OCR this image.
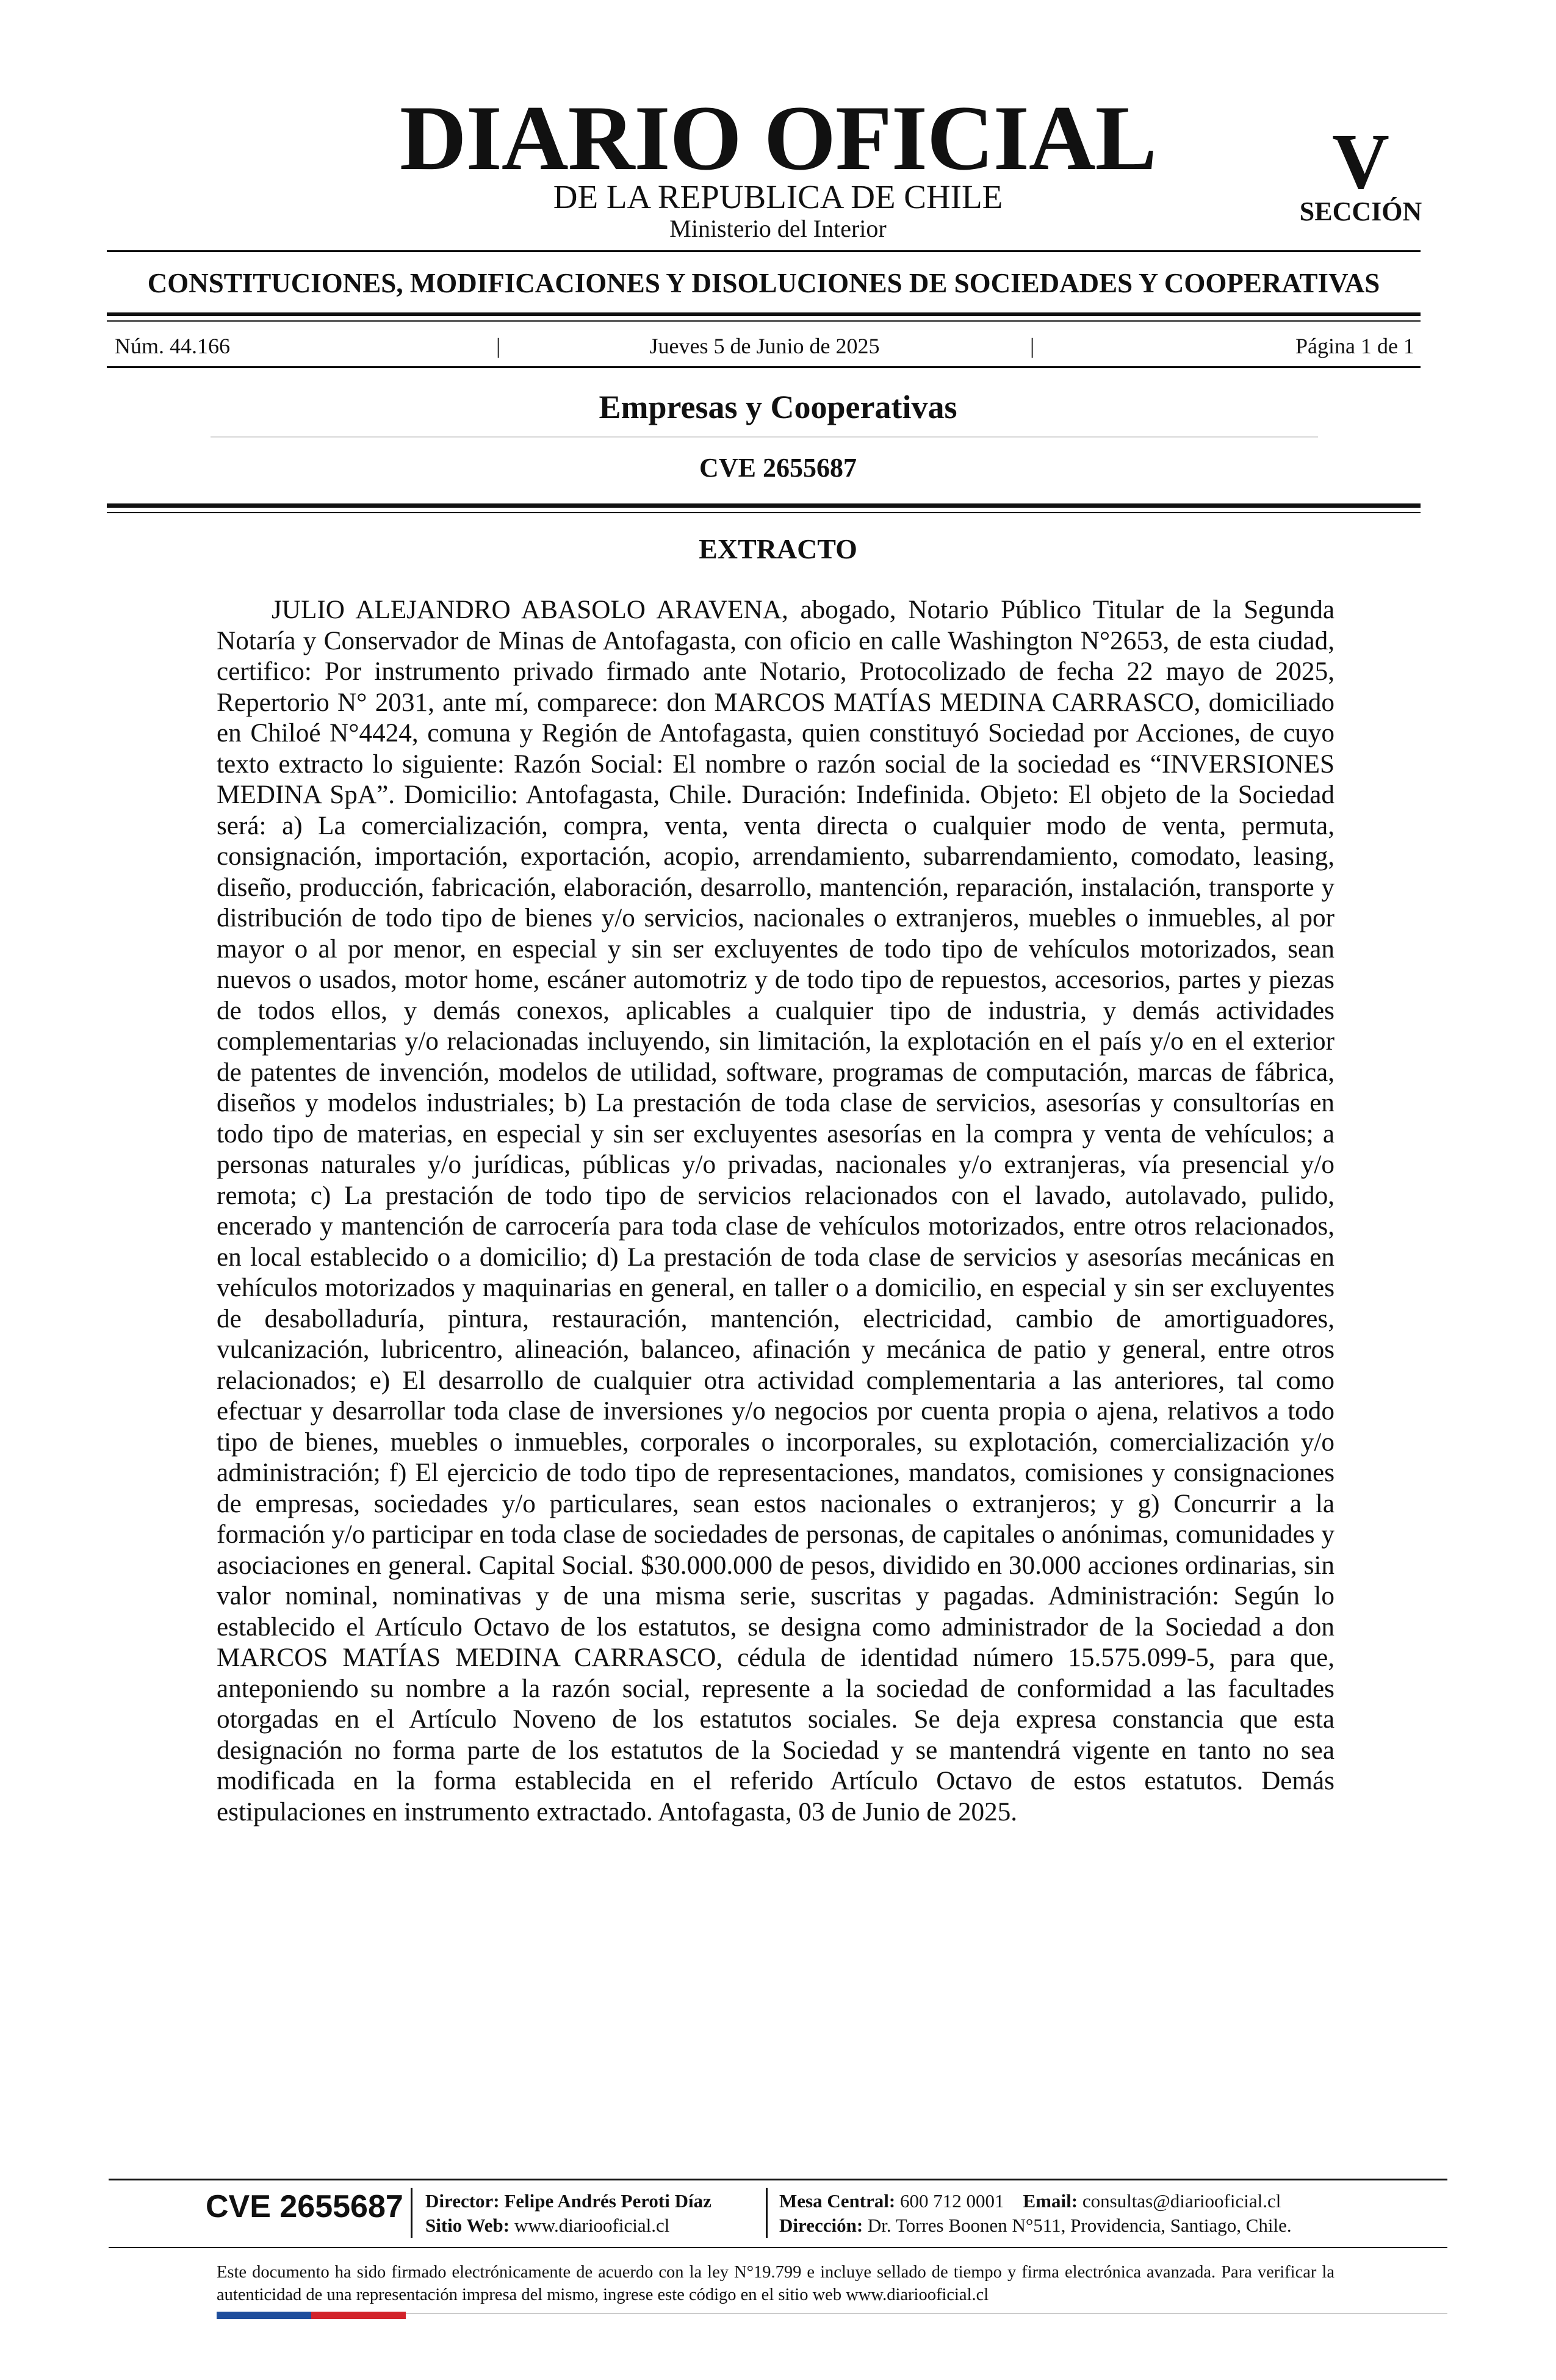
DIARIO OFICIAL
DE LA REPUBLICA DE CHILE
Ministerio del Interior
V
SECCIÓN
CONSTITUCIONES, MODIFICACIONES Y DISOLUCIONES DE SOCIEDADES Y COOPERATIVAS
Núm. 44.166	Jueves 5 de Junio de 2025
|	|	Página 1 de 1
Empresas y Cooperativas
CVE 2655687
EXTRACTO

JULIO ALEJANDRO ABASOLO ARAVENA, abogado, Notario Público Titular de la Segunda Notaría y Conservador de Minas de Antofagasta, con oficio en calle Washington N°2653, de esta ciudad, certifico: Por instrumento privado firmado ante Notario, Protocolizado de fecha 22 mayo de 2025, Repertorio N° 2031, ante mí, comparece: don MARCOS MATÍAS MEDINA CARRASCO, domiciliado en Chiloé N°4424, comuna y Región de Antofagasta, quien constituyó Sociedad por Acciones, de cuyo texto extracto lo siguiente: Razón Social: El nombre o razón social de la sociedad es “INVERSIONES MEDINA SpA”. Domicilio: Antofagasta, Chile. Duración: Indefinida. Objeto: El objeto de la Sociedad será: a) La comercialización, compra, venta, venta directa o cualquier modo de venta, permuta, consignación, importación, exportación, acopio, arrendamiento, subarrendamiento, comodato, leasing, diseño, producción, fabricación, elaboración, desarrollo, mantención, reparación, instalación, transporte y distribución de todo tipo de bienes y/o servicios, nacionales o extranjeros, muebles o inmuebles, al por mayor o al por menor, en especial y sin ser excluyentes de todo tipo de vehículos motorizados, sean nuevos o usados, motor home, escáner automotriz y de todo tipo de repuestos, accesorios, partes y piezas de todos ellos, y demás conexos, aplicables a cualquier tipo de industria, y demás actividades complementarias y/o relacionadas incluyendo, sin limitación, la explotación en el país y/o en el exterior de patentes de invención, modelos de utilidad, software, programas de computación, marcas de fábrica, diseños y modelos industriales; b) La prestación de toda clase de servicios, asesorías y consultorías en todo tipo de materias, en especial y sin ser excluyentes asesorías en la compra y venta de vehículos; a personas naturales y/o jurídicas, públicas y/o privadas, nacionales y/o extranjeras, vía presencial y/o remota; c) La prestación de todo tipo de servicios relacionados con el lavado, autolavado, pulido, encerado y mantención de carrocería para toda clase de vehículos motorizados, entre otros relacionados, en local establecido o a domicilio; d) La prestación de toda clase de servicios y asesorías mecánicas en vehículos motorizados y maquinarias en general, en taller o a domicilio, en especial y sin ser excluyentes de desabolladuría, pintura, restauración, mantención, electricidad, cambio de amortiguadores, vulcanización, lubricentro, alineación, balanceo, afinación y mecánica de patio y general, entre otros relacionados; e) El desarrollo de cualquier otra actividad complementaria a las anteriores, tal como efectuar y desarrollar toda clase de inversiones y/o negocios por cuenta propia o ajena, relativos a todo tipo de bienes, muebles o inmuebles, corporales o incorporales, su explotación, comercialización y/o administración; f) El ejercicio de todo tipo de representaciones, mandatos, comisiones y consignaciones de empresas, sociedades y/o particulares, sean estos nacionales o extranjeros; y g) Concurrir a la formación y/o participar en toda clase de sociedades de personas, de capitales o anónimas, comunidades y asociaciones en general. Capital Social. $30.000.000 de pesos, dividido en 30.000 acciones ordinarias, sin valor nominal, nominativas y de una misma serie, suscritas y pagadas. Administración: Según lo establecido el Artículo Octavo de los estatutos, se designa como administrador de la Sociedad a don MARCOS MATÍAS MEDINA CARRASCO, cédula de identidad número 15.575.099-5, para que, anteponiendo su nombre a la razón social, represente a la sociedad de conformidad a las facultades otorgadas en el Artículo Noveno de los estatutos sociales. Se deja expresa constancia que esta designación no forma parte de los estatutos de la Sociedad y se mantendrá vigente en tanto no sea modificada en la forma establecida en el referido Artículo Octavo de estos estatutos. Demás estipulaciones en instrumento extractado. Antofagasta, 03 de Junio de 2025.

CVE 2655687 Director: Felipe Andrés Peroti Díaz
Sitio Web: www.diariooficial.cl
Mesa Central: 600 712 0001 Email: consultas@diariooficial.cl
Dirección: Dr. Torres Boonen N°511, Providencia, Santiago, Chile.

Este documento ha sido firmado electrónicamente de acuerdo con la ley N°19.799 e incluye sellado de tiempo y firma electrónica avanzada. Para verificar la autenticidad de una representación impresa del mismo, ingrese este código en el sitio web www.diariooficial.cl
